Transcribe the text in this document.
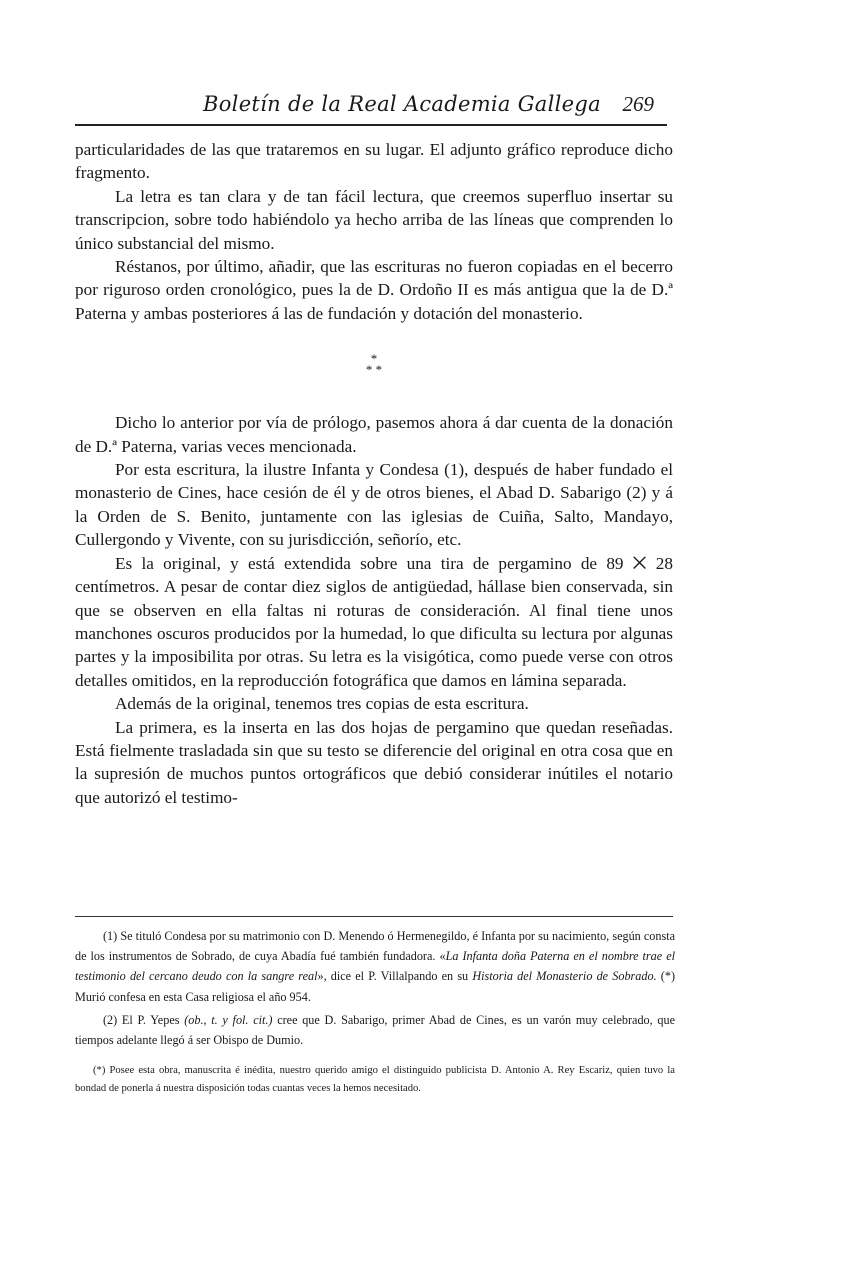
Boletín de la Real Academia Gallega 269

particularidades de las que trataremos en su lugar. El adjunto gráfico reproduce dicho fragmento.

La letra es tan clara y de tan fácil lectura, que creemos superfluo insertar su transcripcion, sobre todo habiéndolo ya hecho arriba de las líneas que comprenden lo único substancial del mismo.

Réstanos, por último, añadir, que las escrituras no fueron copiadas en el becerro por riguroso orden cronológico, pues la de D. Ordoño II es más antigua que la de D.ª Paterna y ambas posteriores á las de fundación y dotación del monasterio.

*
* *

Dicho lo anterior por vía de prólogo, pasemos ahora á dar cuenta de la donación de D.ª Paterna, varias veces mencionada.

Por esta escritura, la ilustre Infanta y Condesa (1), después de haber fundado el monasterio de Cines, hace cesión de él y de otros bienes, el Abad D. Sabarigo (2) y á la Orden de S. Benito, juntamente con las iglesias de Cuiña, Salto, Mandayo, Cullergondo y Vivente, con su jurisdicción, señorío, etc.

Es la original, y está extendida sobre una tira de pergamino de 89 ⨉ 28 centímetros. A pesar de contar diez siglos de antigüedad, hállase bien conservada, sin que se observen en ella faltas ni roturas de consideración. Al final tiene unos manchones oscuros producidos por la humedad, lo que dificulta su lectura por algunas partes y la imposibilita por otras. Su letra es la visigótica, como puede verse con otros detalles omitidos, en la reproducción fotográfica que damos en lámina separada.

Además de la original, tenemos tres copias de esta escritura.

La primera, es la inserta en las dos hojas de pergamino que quedan reseñadas. Está fielmente trasladada sin que su testo se diferencie del original en otra cosa que en la supresión de muchos puntos ortográficos que debió considerar inútiles el notario que autorizó el testimo-

(1) Se tituló Condesa por su matrimonio con D. Menendo ó Hermenegildo, é Infanta por su nacimiento, según consta de los instrumentos de Sobrado, de cuya Abadía fué también fundadora. «La Infanta doña Paterna en el nombre trae el testimonio del cercano deudo con la sangre real», dice el P. Villalpando en su Historia del Monasterio de Sobrado. (*) Murió confesa en esta Casa religiosa el año 954.

(2) El P. Yepes (ob., t. y fol. cit.) cree que D. Sabarigo, primer Abad de Cines, es un varón muy celebrado, que tiempos adelante llegó á ser Obispo de Dumio.

(*) Posee esta obra, manuscrita é inédita, nuestro querido amigo el distinguido publicista D. Antonio A. Rey Escariz, quien tuvo la bondad de ponerla á nuestra disposición todas cuantas veces la hemos necesitado.
